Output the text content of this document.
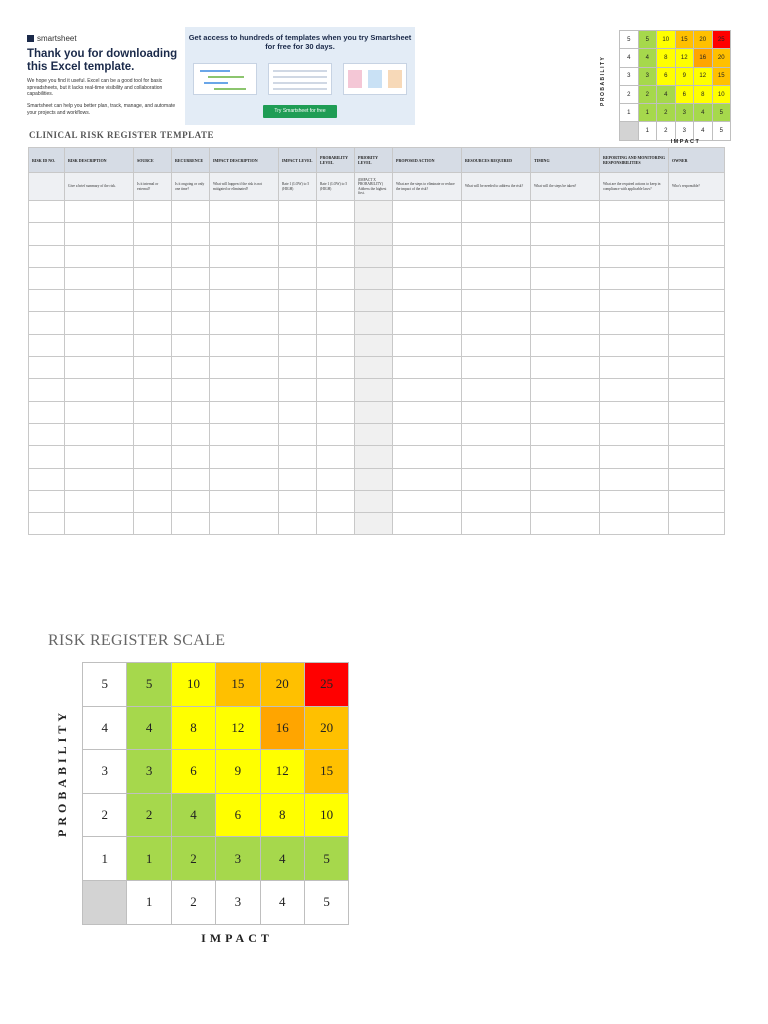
smartsheet
Thank you for downloading this Excel template.
We hope you find it useful. Excel can be a good tool for basic spreadsheets, but it lacks real-time visibility and collaboration capabilities.
Smartsheet can help you better plan, track, manage, and automate your projects and workflows.
Get access to hundreds of templates when you try Smartsheet for free for 30 days.
Try Smartsheet for free
PROBABILITY
5	5	10	15	20	25
4	4	8	12	16	20
3	3	6	9	12	15
2	2	4	6	8	10
1	1	2	3	4	5
	1	2	3	4	5
IMPACT
CLINICAL RISK REGISTER TEMPLATE
RISK ID NO.	RISK DESCRIPTION	SOURCE	RECURRENCE	IMPACT DESCRIPTION	IMPACT LEVEL	PROBABILITY LEVEL	PRIORITY LEVEL	PROPOSED ACTION	RESOURCES REQUIRED	TIMING	REPORTING AND MONITORING RESPONSIBILITIES	OWNER
	Give a brief summary of the risk.	Is it internal or external?	Is it ongoing or only one time?	What will happen if the risk is not mitigated or eliminated?	Rate 1 (LOW) to 5 (HIGH)	Rate 1 (LOW) to 5 (HIGH)	(IMPACT X PROBABILITY) Address the highest first.	What are the steps to eliminate or reduce the impact of the risk?	What will be needed to address the risk?	What will the steps be taken?	What are the required actions to keep in compliance with applicable laws?	Who's responsible?

RISK REGISTER SCALE
PROBABILITY
5	5	10	15	20	25
4	4	8	12	16	20
3	3	6	9	12	15
2	2	4	6	8	10
1	1	2	3	4	5
	1	2	3	4	5
IMPACT
